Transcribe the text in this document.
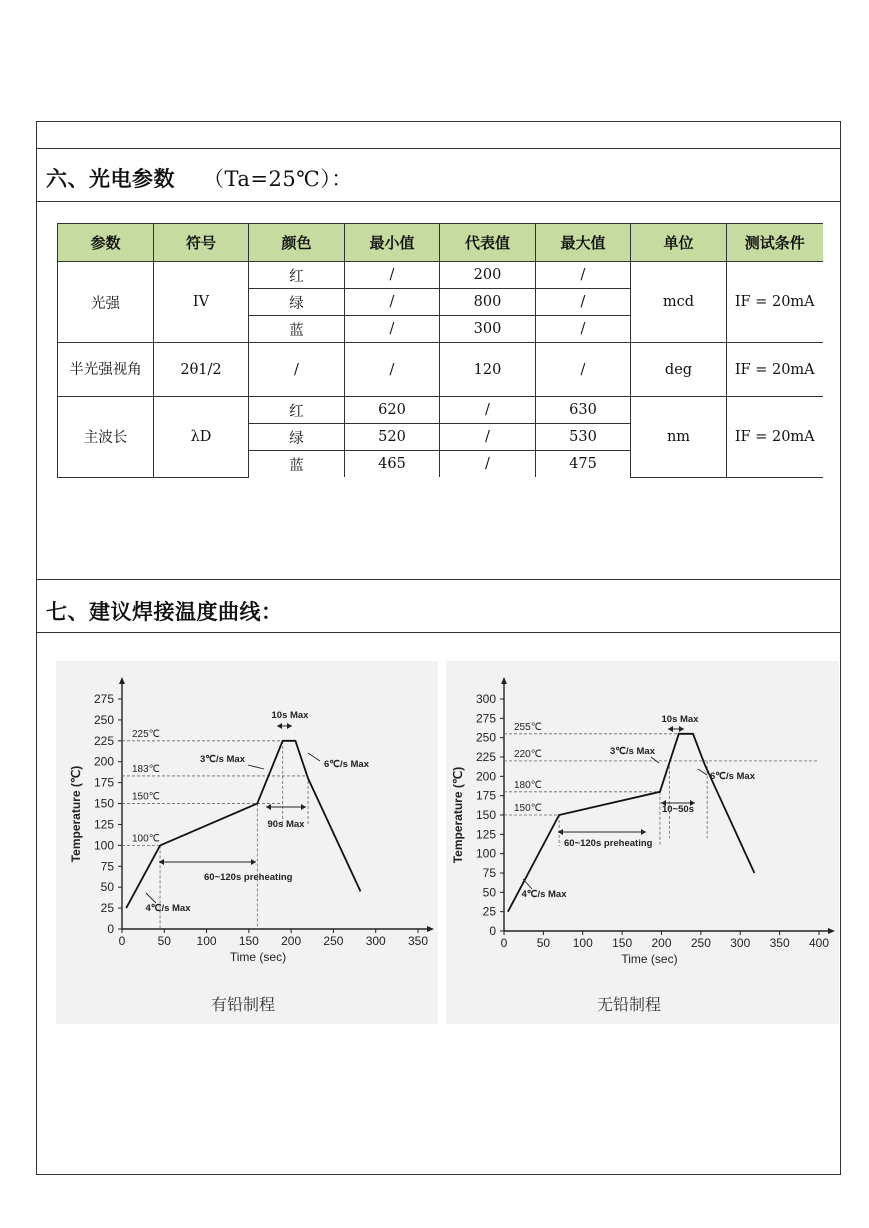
六、光电参数 （Ta=25℃）：
参数	符号	颜色	最小值	代表值	最大值	单位	测试条件
光强	IV	红	/	200	/	mcd	IF = 20mA
		绿	/	800	/		
		蓝	/	300	/		
半光强视角	2θ1/2	/	/	120	/	deg	IF = 20mA
主波长	λD	红	620	/	630	nm	IF = 20mA
		绿	520	/	530		
		蓝	465	/	475		
七、建议焊接温度曲线：
0	50 100 150 200 250 300 350
0
25
50
75
100
125
150
175
200
225
250
275
Time (sec)
Temperature (℃)
225℃
183℃
150℃
100℃
10s Max
3℃/s Max	6℃/s Max
90s Max
60~120s preheating
4℃/s Max
有铅制程
0 50 100 150 200 250 300 350 400
0
25
50
75
100
125
150
175
200
225
250
275
300
Time (sec)
Temperature (℃)
255℃
220℃
180℃
150℃
10s Max
3℃/s Max
6℃/s Max
10~50s
60~120s preheating
4℃/s Max
无铅制程
